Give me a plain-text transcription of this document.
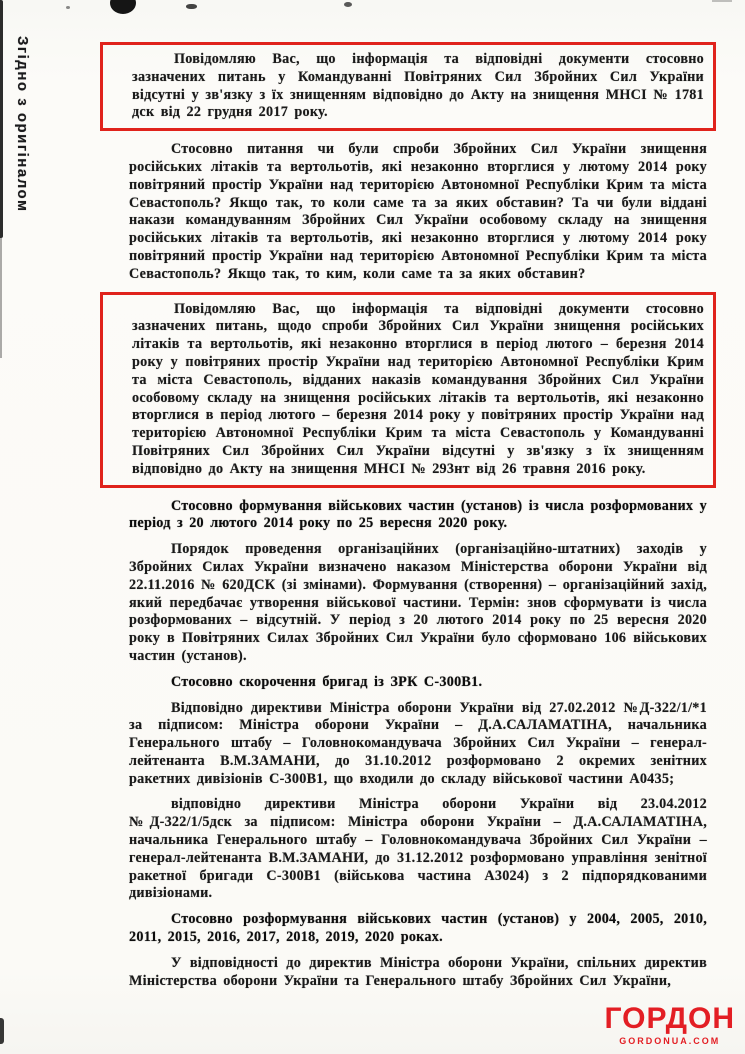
Згідно з оригіналом	Повідомляю Вас, що інформація та відповідні документи стосовно зазначених питань у Командуванні Повітряних Сил Збройних Сил України відсутні у зв'язку з їх знищенням відповідно до Акту на знищення МНСІ № 1781 дск від 22 грудня 2017 року.

Стосовно питання чи були спроби Збройних Сил України знищення російських літаків та вертольотів, які незаконно вторглися у лютому 2014 року повітряний простір України над територією Автономної Республіки Крим та міста Севастополь? Якщо так, то коли саме та за яких обставин? Та чи були віддані накази командуванням Збройних Сил України особовому складу на знищення російських літаків та вертольотів, які незаконно вторглися у лютому 2014 року повітряний простір України над територією Автономної Республіки Крим та міста Севастополь? Якщо так, то ким, коли саме та за яких обставин?

Повідомляю Вас, що інформація та відповідні документи стосовно зазначених питань, щодо спроби Збройних Сил України знищення російських літаків та вертольотів, які незаконно вторглися в період лютого – березня 2014 року у повітряних простір України над територією Автономної Республіки Крим та міста Севастополь, відданих наказів командування Збройних Сил України особовому складу на знищення російських літаків та вертольотів, які незаконно вторглися в період лютого – березня 2014 року у повітряних простір України над територією Автономної Республіки Крим та міста Севастополь у Командуванні Повітряних Сил Збройних Сил України відсутні у зв'язку з їх знищенням відповідно до Акту на знищення МНСІ № 293нт від 26 травня 2016 року.

Стосовно формування військових частин (установ) із числа розформованих у період з 20 лютого 2014 року по 25 вересня 2020 року.

Порядок проведення організаційних (організаційно-штатних) заходів у Збройних Силах України визначено наказом Міністерства оборони України від 22.11.2016 № 620ДСК (зі змінами). Формування (створення) – організаційний захід, який передбачає утворення військової частини. Термін: знов сформувати із числа розформованих – відсутній. У період з 20 лютого 2014 року по 25 вересня 2020 року в Повітряних Силах Збройних Сил України було сформовано 106 військових частин (установ).

Стосовно скорочення бригад із ЗРК С-300В1.

Відповідно директиви Міністра оборони України від 27.02.2012 №Д-322/1/*1 за підписом: Міністра оборони України – Д.А.САЛАМАТІНА, начальника Генерального штабу – Головнокомандувача Збройних Сил України – генерал-лейтенанта В.М.ЗАМАНИ, до 31.10.2012 розформовано 2 окремих зенітних ракетних дивізіонів С-300В1, що входили до складу військової частини А0435;

відповідно директиви Міністра оборони України від 23.04.2012 №Д-322/1/5дск за підписом: Міністра оборони України – Д.А.САЛАМАТІНА, начальника Генерального штабу – Головнокомандувача Збройних Сил України – генерал-лейтенанта В.М.ЗАМАНИ, до 31.12.2012 розформовано управління зенітної ракетної бригади С-300В1 (військова частина А3024) з 2 підпорядкованими дивізіонами.

Стосовно розформування військових частин (установ) у 2004, 2005, 2010, 2011, 2015, 2016, 2017, 2018, 2019, 2020 роках.

У відповідності до директив Міністра оборони України, спільних директив Міністерства оборони України та Генерального штабу Збройних Сил України,

ГОРДОН
GORDONUA.COM
